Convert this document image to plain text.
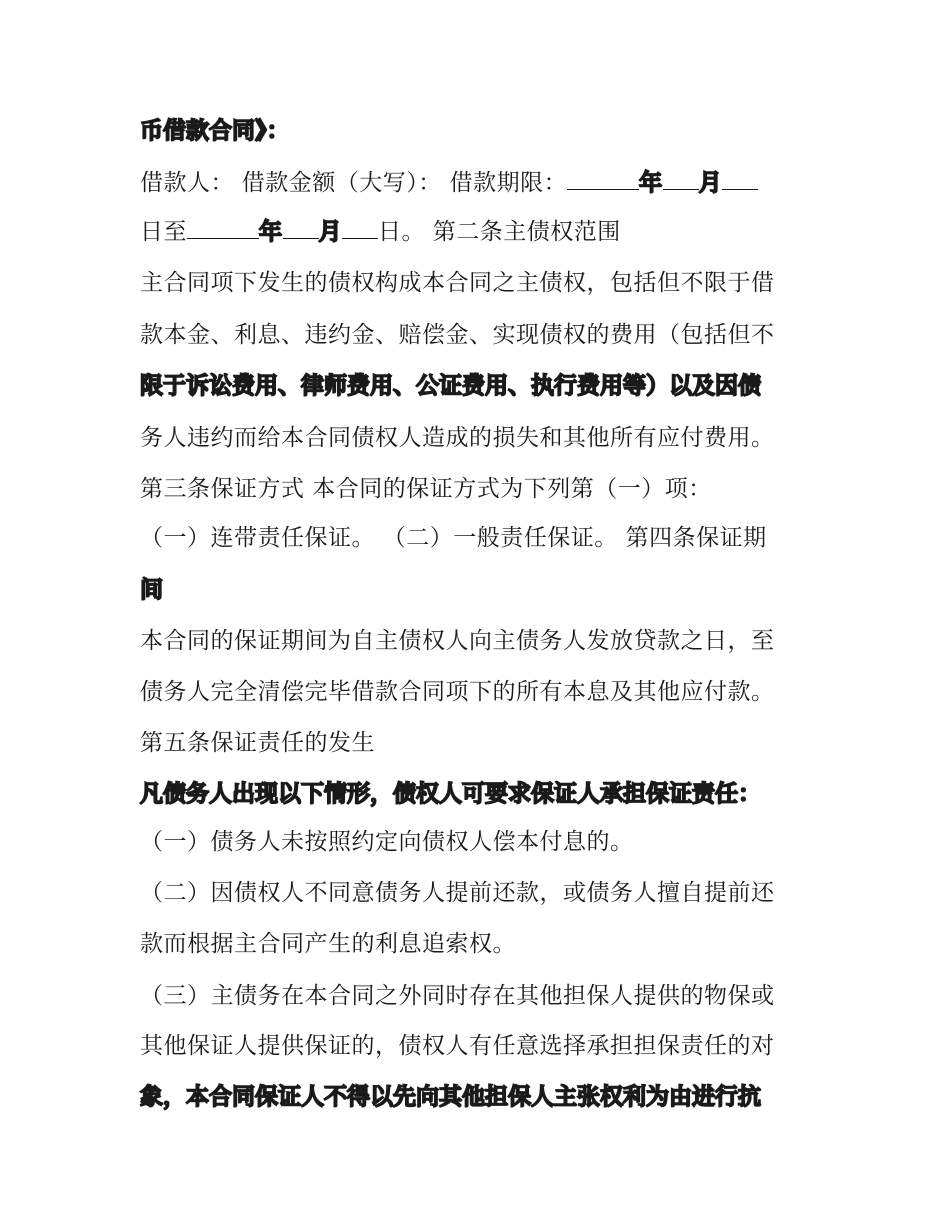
币借款合同》：
借款人： 借款金额（大写）： 借款期限：	年 月
日至	年 月 日。 第二条主债权范围
主合同项下发生的债权构成本合同之主债权，包括但不限于借
款本金、利息、违约金、赔偿金、实现债权的费用（包括但不
限于诉讼费用、律师费用、公证费用、执行费用等）以及因债
务人违约而给本合同债权人造成的损失和其他所有应付费用。
第三条保证方式 本合同的保证方式为下列第（一）项：
（一）连带责任保证。 （二）一般责任保证。 第四条保证期
间
本合同的保证期间为自主债权人向主债务人发放贷款之日，至
债务人完全清偿完毕借款合同项下的所有本息及其他应付款。
第五条保证责任的发生
凡债务人出现以下情形，债权人可要求保证人承担保证责任：
（一）债务人未按照约定向债权人偿本付息的。
（二）因债权人不同意债务人提前还款，或债务人擅自提前还
款而根据主合同产生的利息追索权。
（三）主债务在本合同之外同时存在其他担保人提供的物保或
其他保证人提供保证的，债权人有任意选择承担担保责任的对
象，本合同保证人不得以先向其他担保人主张权利为由进行抗
